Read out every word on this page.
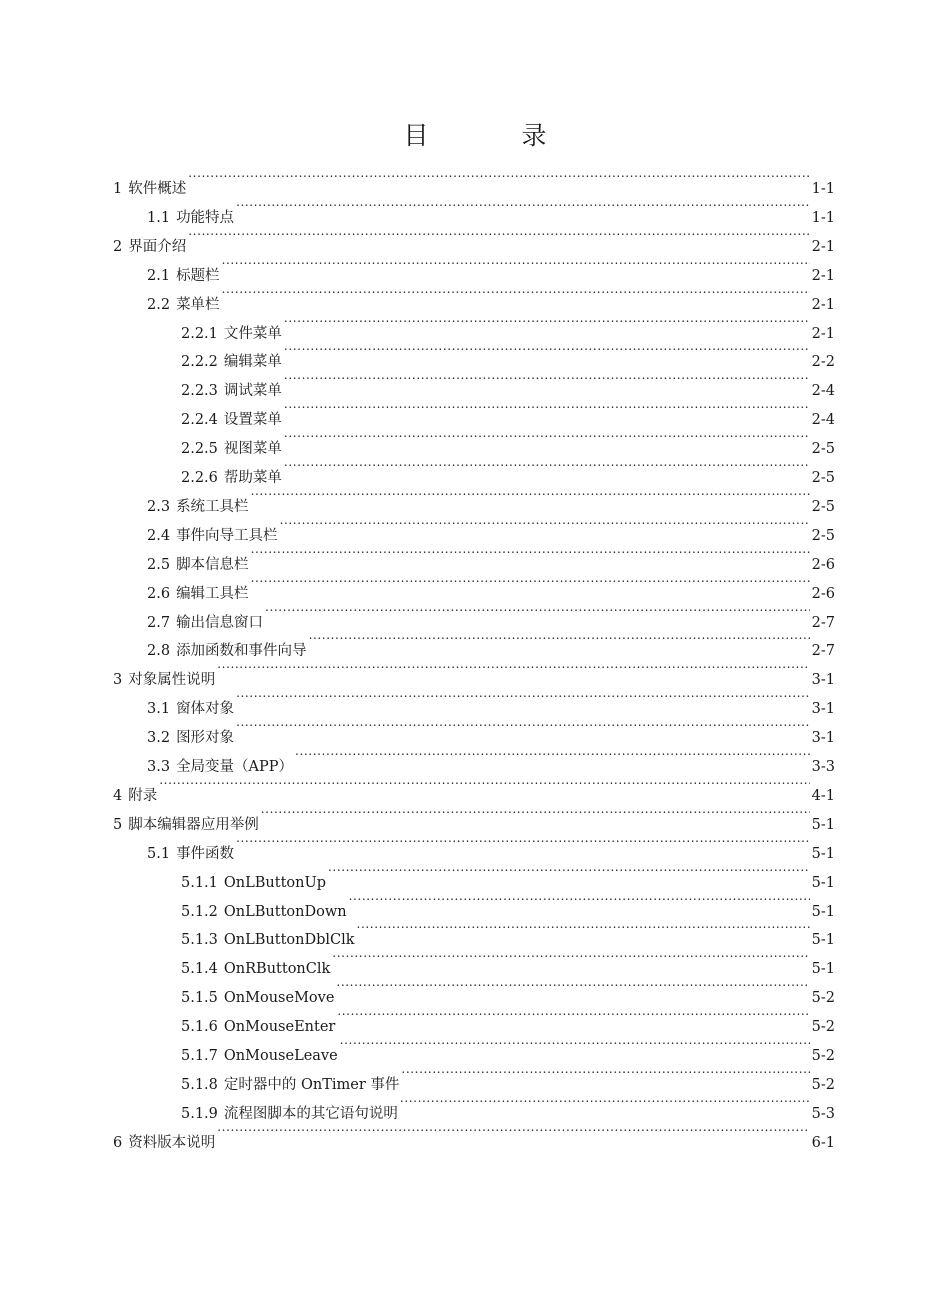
目　录
1 软件概述 .....	1-1
1.1 功能特点 .....	1-1
2 界面介绍 .....	2-1
2.1 标题栏 .....	2-1
2.2 菜单栏 .....	2-1
2.2.1 文件菜单 .....	2-1
2.2.2 编辑菜单 .....	2-2
2.2.3 调试菜单 .....	2-4
2.2.4 设置菜单 .....	2-4
2.2.5 视图菜单 .....	2-5
2.2.6 帮助菜单 .....	2-5
2.3 系统工具栏 .....	2-5
2.4 事件向导工具栏 .....	2-5
2.5 脚本信息栏 .....	2-6
2.6 编辑工具栏 .....	2-6
2.7 输出信息窗口 .....	2-7
2.8 添加函数和事件向导 .....	2-7
3 对象属性说明 .....	3-1
3.1 窗体对象 .....	3-1
3.2 图形对象 .....	3-1
3.3 全局变量（APP） .....	3-3
4 附录 .....	4-1
5 脚本编辑器应用举例 .....	5-1
5.1 事件函数 .....	5-1
5.1.1 OnLButtonUp .....	5-1
5.1.2 OnLButtonDown .....	5-1
5.1.3 OnLButtonDblClk .....	5-1
5.1.4 OnRButtonClk .....	5-1
5.1.5 OnMouseMove .....	5-2
5.1.6 OnMouseEnter .....	5-2
5.1.7 OnMouseLeave .....	5-2
5.1.8 定时器中的 OnTimer 事件 .....	5-2
5.1.9 流程图脚本的其它语句说明 .....	5-3
6 资料版本说明 .....	6-1
